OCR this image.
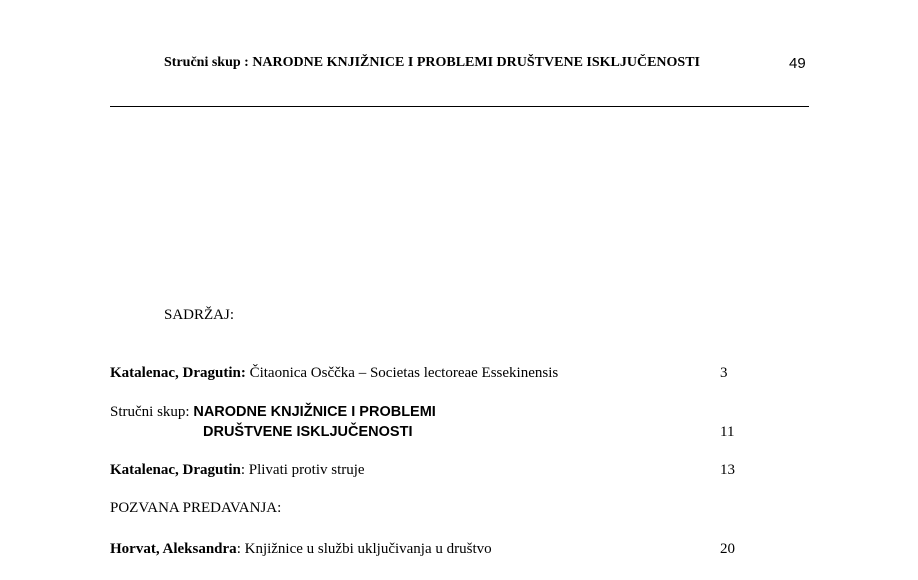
Stručni skup : NARODNE KNJIŽNICE I PROBLEMI DRUŠTVENE ISKLJUČENOSTI	49
SADRŽAJ:
Katalenac, Dragutin: Čitaonica Osččka – Societas lectoreae Essekinensis	3
Stručni skup: NARODNE KNJIŽNICE I PROBLEMI
DRUŠTVENE ISKLJUČENOSTI	11
Katalenac, Dragutin: Plivati protiv struje	13
POZVANA PREDAVANJA:
Horvat, Aleksandra: Knjižnice u službi uključivanja u društvo	20
